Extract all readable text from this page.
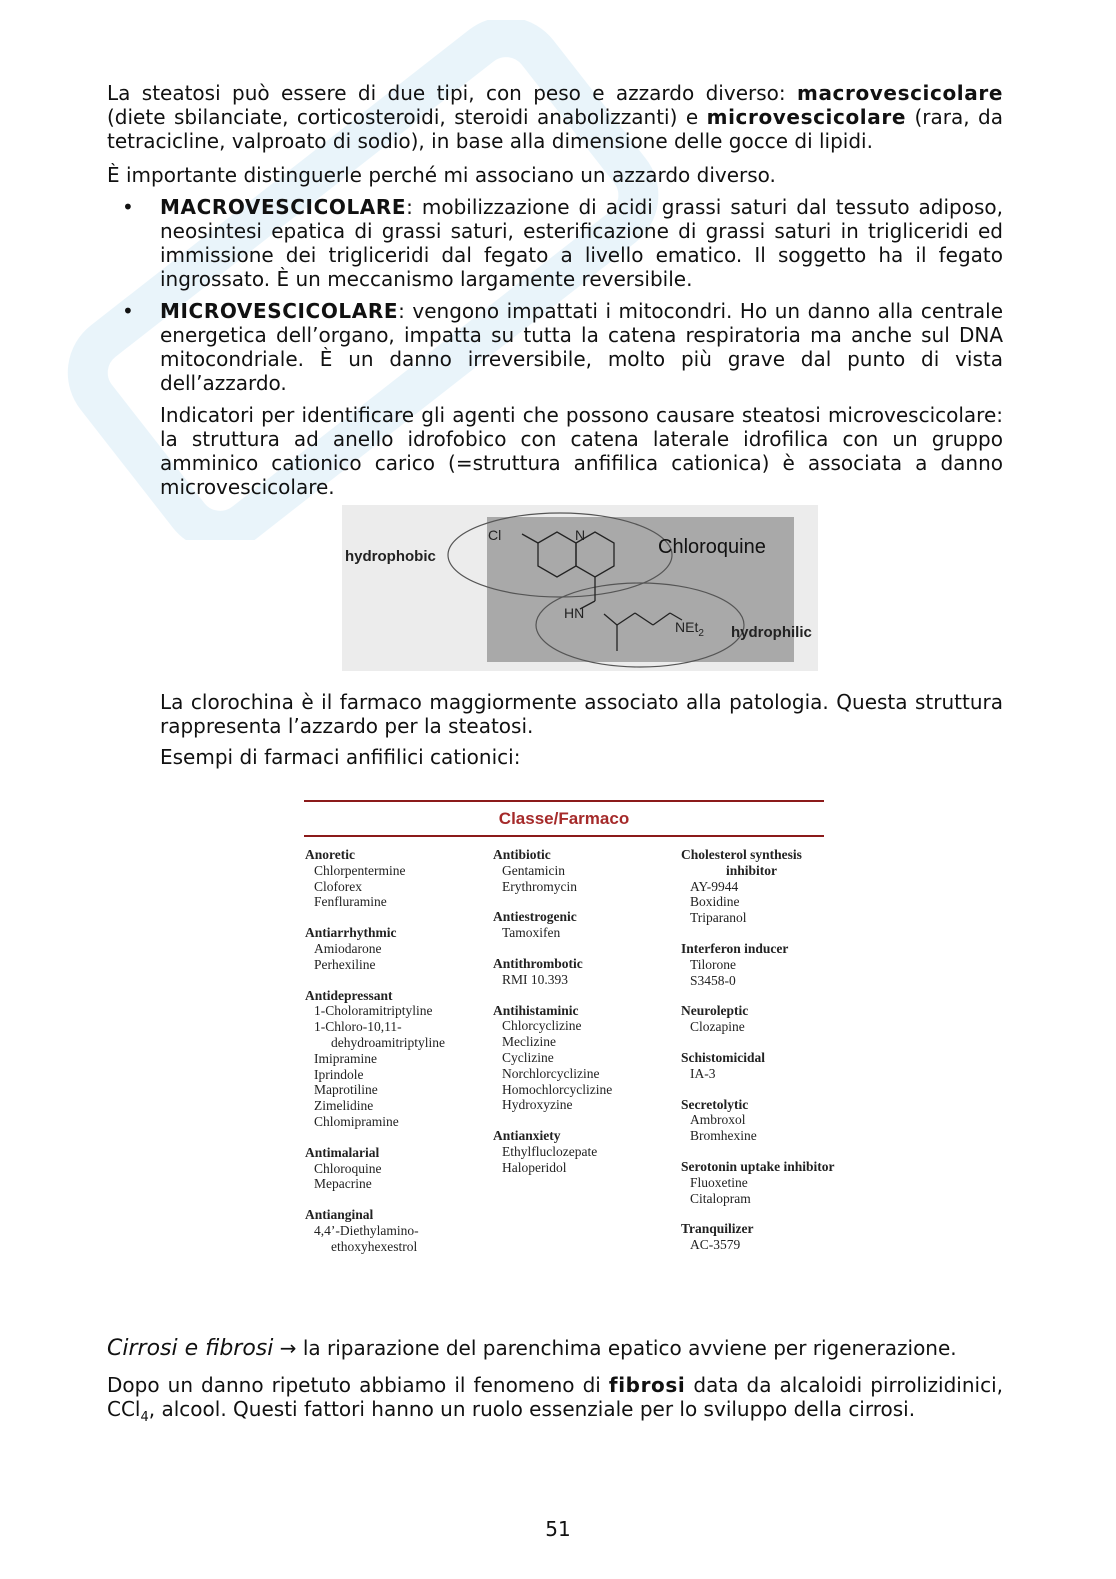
La steatosi può essere di due tipi, con peso e azzardo diverso: macrovescicolare (diete sbilanciate, corticosteroidi, steroidi anabolizzanti) e microvescicolare (rara, da tetracicline, valproato di sodio), in base alla dimensione delle gocce di lipidi.

È importante distinguerle perché mi associano un azzardo diverso.

• MACROVESCICOLARE: mobilizzazione di acidi grassi saturi dal tessuto adiposo, neosintesi epatica di grassi saturi, esterificazione di grassi saturi in trigliceridi ed immissione dei trigliceridi dal fegato a livello ematico. Il soggetto ha il fegato ingrossato. È un meccanismo largamente reversibile.

• MICROVESCICOLARE: vengono impattati i mitocondri. Ho un danno alla centrale energetica dell’organo, impatta su tutta la catena respiratoria ma anche sul DNA mitocondriale. È un danno irreversibile, molto più grave dal punto di vista dell’azzardo.

Indicatori per identificare gli agenti che possono causare steatosi microvescicolare: la struttura ad anello idrofobico con catena laterale idrofilica con un gruppo amminico cationico carico (=struttura anfifilica cationica) è associata a danno microvescicolare.

hydrophobic
hydrophilic
Chloroquine
Cl	N
HN
NEt$_2$

La clorochina è il farmaco maggiormente associato alla patologia. Questa struttura rappresenta l’azzardo per la steatosi.

Esempi di farmaci anfifilici cationici:

Classe/Farmaco
Anoretic
Chlorpentermine
Cloforex
Fenfluramine
Antiarrhythmic
Amiodarone
Perhexiline
Antidepressant
1-Choloramitriptyline
1-Chloro-10,11-
dehydroamitriptyline
Imipramine
Iprindole
Maprotiline
Zimelidine
Chlomipramine
Antimalarial
Chloroquine
Mepacrine
Antianginal
4,4’-Diethylamino-
ethoxyhexestrol
Antibiotic
Gentamicin
Erythromycin
Antiestrogenic
Tamoxifen
Antithrombotic
RMI 10.393
Antihistaminic
Chlorcyclizine
Meclizine
Cyclizine
Norchlorcyclizine
Homochlorcyclizine
Hydroxyzine
Antianxiety
Ethylfluclozepate
Haloperidol
Cholesterol synthesis
inhibitor
AY-9944
Boxidine
Triparanol
Interferon inducer
Tilorone
S3458-0
Neuroleptic
Clozapine
Schistomicidal
IA-3
Secretolytic
Ambroxol
Bromhexine
Serotonin uptake inhibitor
Fluoxetine
Citalopram
Tranquilizer
AC-3579

Cirrosi e fibrosi → la riparazione del parenchima epatico avviene per rigenerazione.

Dopo un danno ripetuto abbiamo il fenomeno di fibrosi data da alcaloidi pirrolizidinici, CCl$_4$, alcool. Questi fattori hanno un ruolo essenziale per lo sviluppo della cirrosi.

51
